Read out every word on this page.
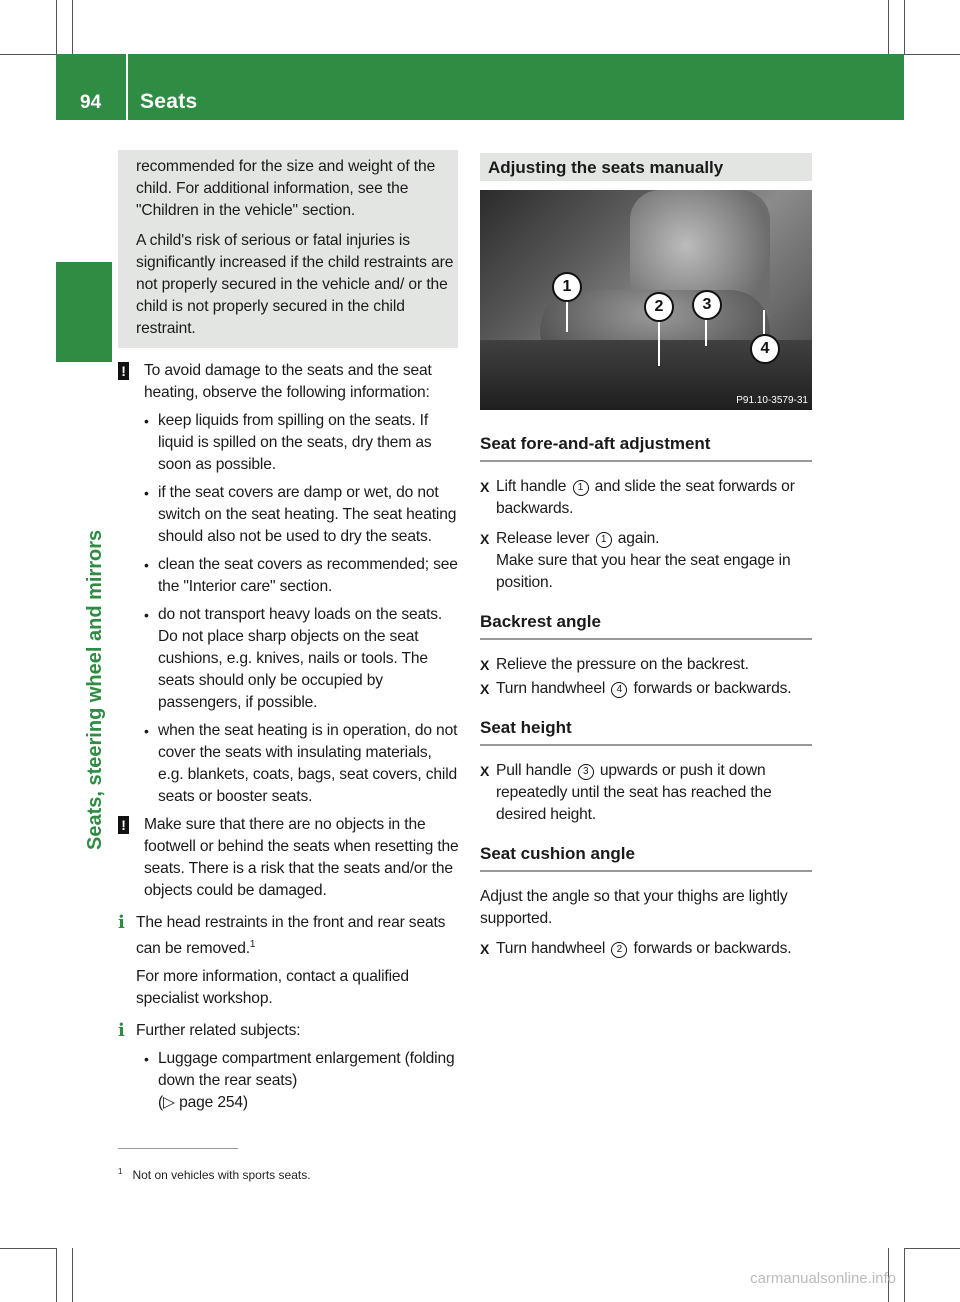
94 Seats
Seats, steering wheel and mirrors

recommended for the size and weight of the child. For additional information, see the "Children in the vehicle" section.

A child's risk of serious or fatal injuries is significantly increased if the child restraints are not properly secured in the vehicle and/ or the child is not properly secured in the child restraint.

! To avoid damage to the seats and the seat heating, observe the following information:
• keep liquids from spilling on the seats. If liquid is spilled on the seats, dry them as soon as possible.
• if the seat covers are damp or wet, do not switch on the seat heating. The seat heating should also not be used to dry the seats.
• clean the seat covers as recommended; see the "Interior care" section.
• do not transport heavy loads on the seats. Do not place sharp objects on the seat cushions, e.g. knives, nails or tools. The seats should only be occupied by passengers, if possible.
• when the seat heating is in operation, do not cover the seats with insulating materials, e.g. blankets, coats, bags, seat covers, child seats or booster seats.
! Make sure that there are no objects in the footwell or behind the seats when resetting the seats. There is a risk that the seats and/or the objects could be damaged.
i The head restraints in the front and rear seats can be removed.$^1$

For more information, contact a qualified specialist workshop.

i Further related subjects:

• Luggage compartment enlargement (folding down the rear seats)
(▷ page 254)
Adjusting the seats manually
1
2	3
4
P91.10-3579-31
Seat fore-and-aft adjustment
X Lift handle 1 and slide the seat forwards or backwards.
X Release lever 1 again.
Make sure that you hear the seat engage in position.
Backrest angle
X Relieve the pressure on the backrest.
X Turn handwheel 4 forwards or backwards.
Seat height
X Pull handle 3 upwards or push it down repeatedly until the seat has reached the desired height.
Seat cushion angle
Adjust the angle so that your thighs are lightly supported.
X Turn handwheel 2 forwards or backwards.
$^1$ Not on vehicles with sports seats.
carmanualsonline.info
